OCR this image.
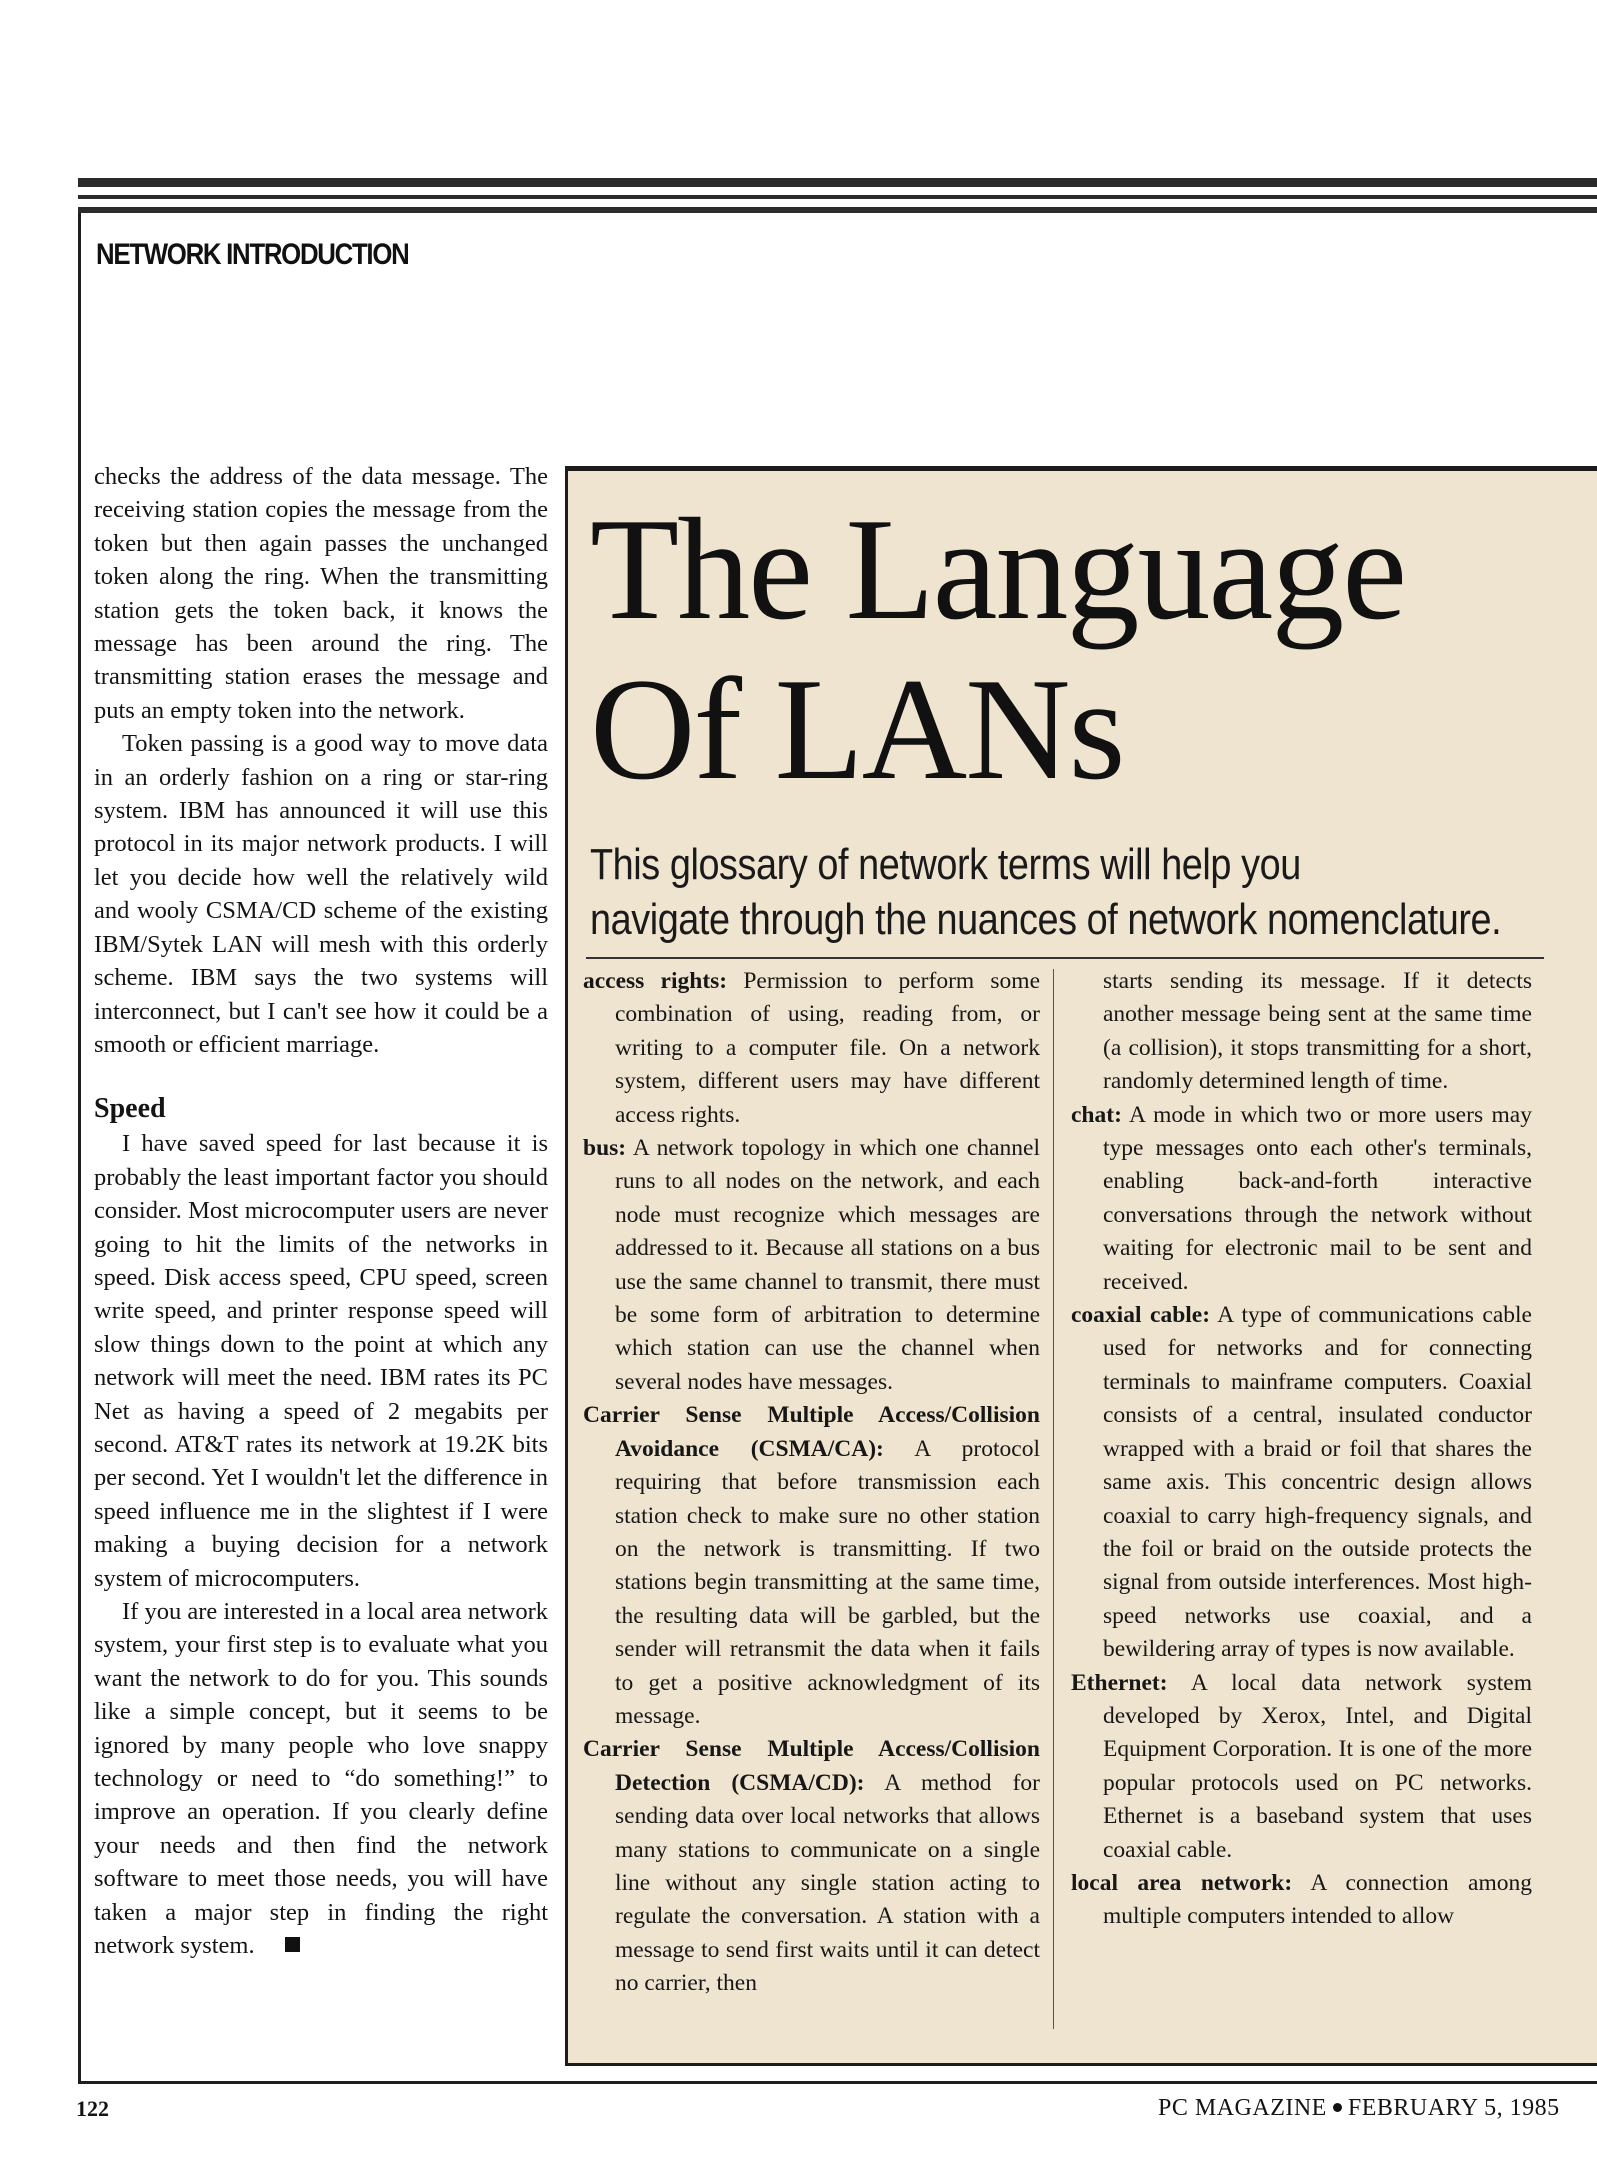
NETWORK INTRODUCTION

checks the address of the data message. The receiving station copies the message from the token but then again passes the unchanged token along the ring. When the transmitting station gets the token back, it knows the message has been around the ring. The transmitting station erases the message and puts an empty token into the network.

Token passing is a good way to move data in an orderly fashion on a ring or star-ring system. IBM has announced it will use this protocol in its major network products. I will let you decide how well the relatively wild and wooly CSMA/CD scheme of the existing IBM/Sytek LAN will mesh with this orderly scheme. IBM says the two systems will interconnect, but I can't see how it could be a smooth or efficient marriage.

Speed

I have saved speed for last because it is probably the least important factor you should consider. Most microcomputer users are never going to hit the limits of the networks in speed. Disk access speed, CPU speed, screen write speed, and printer response speed will slow things down to the point at which any network will meet the need. IBM rates its PC Net as having a speed of 2 megabits per second. AT&T rates its network at 19.2K bits per second. Yet I wouldn't let the difference in speed influence me in the slightest if I were making a buying decision for a network system of microcomputers.

If you are interested in a local area network system, your first step is to evaluate what you want the network to do for you. This sounds like a simple concept, but it seems to be ignored by many people who love snappy technology or need to “do something!” to improve an operation. If you clearly define your needs and then find the network software to meet those needs, you will have taken a major step in finding the right network system.

The Language
Of LANs
This glossary of network terms will help you
navigate through the nuances of network nomenclature.
access rights: Permission to perform some combination of using, reading from, or writing to a computer file. On a network system, different users may have different access rights.
bus: A network topology in which one channel runs to all nodes on the network, and each node must recognize which messages are addressed to it. Because all stations on a bus use the same channel to transmit, there must be some form of arbitration to determine which station can use the channel when several nodes have messages.
Carrier Sense Multiple Access/Collision Avoidance (CSMA/CA): A protocol requiring that before transmission each station check to make sure no other station on the network is transmitting. If two stations begin transmitting at the same time, the resulting data will be garbled, but the sender will retransmit the data when it fails to get a positive acknowledgment of its message.
Carrier Sense Multiple Access/Collision Detection (CSMA/CD): A method for sending data over local networks that allows many stations to communicate on a single line without any single station acting to regulate the conversation. A station with a message to send first waits until it can detect no carrier, then
starts sending its message. If it detects another message being sent at the same time (a collision), it stops transmitting for a short, randomly determined length of time.
chat: A mode in which two or more users may type messages onto each other's terminals, enabling back-and-forth interactive conversations through the network without waiting for electronic mail to be sent and received.
coaxial cable: A type of communications cable used for networks and for connecting terminals to mainframe computers. Coaxial consists of a central, insulated conductor wrapped with a braid or foil that shares the same axis. This concentric design allows coaxial to carry high-frequency signals, and the foil or braid on the outside protects the signal from outside interferences. Most high-speed networks use coaxial, and a bewildering array of types is now available.
Ethernet: A local data network system developed by Xerox, Intel, and Digital Equipment Corporation. It is one of the more popular protocols used on PC networks. Ethernet is a baseband system that uses coaxial cable.
local area network: A connection among multiple computers intended to allow
122	PC MAGAZINE FEBRUARY 5, 1985
